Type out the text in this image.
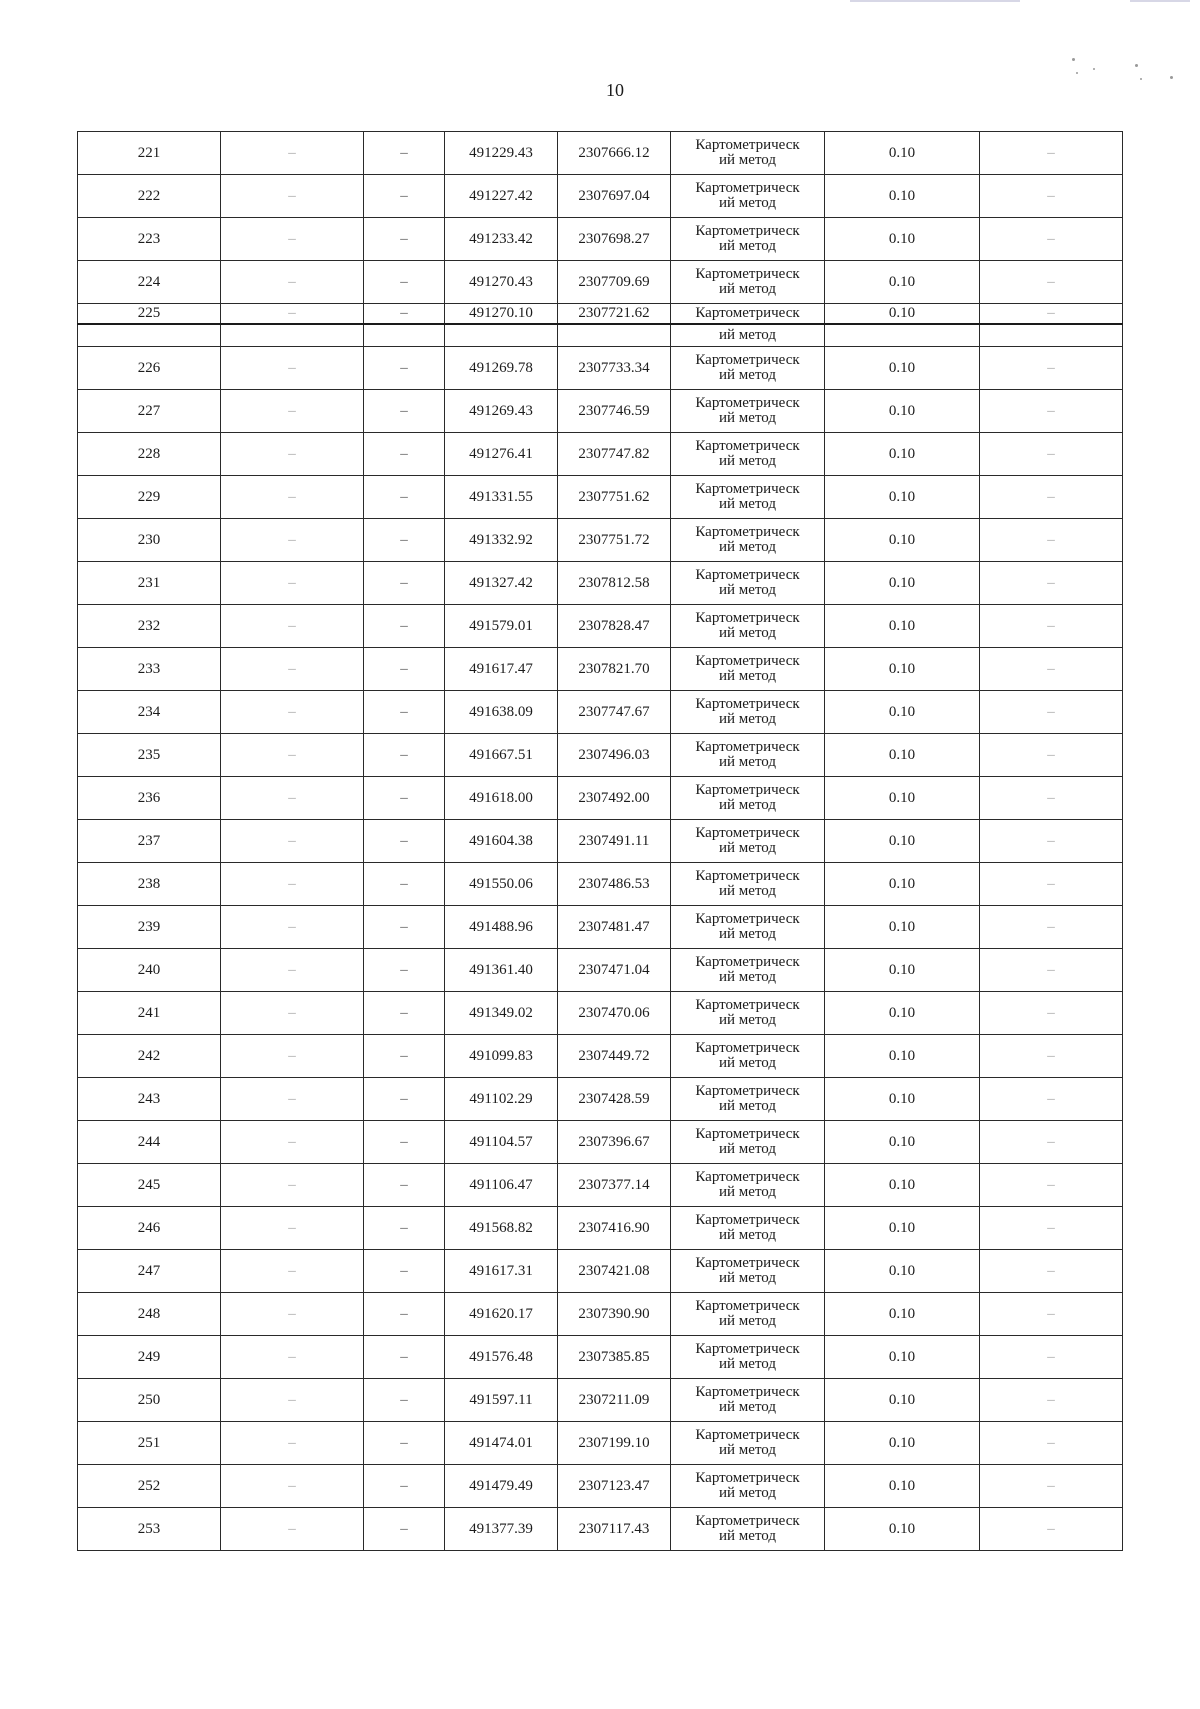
10
221	–	–	491229.43	2307666.12	Картометрическ
ий метод	0.10	–
222	–	–	491227.42	2307697.04	Картометрическ
ий метод	0.10	–
223	–	–	491233.42	2307698.27	Картометрическ
ий метод	0.10	–
224	–	–	491270.43	2307709.69	Картометрическ
ий метод	0.10	–
225	–	–	491270.10	2307721.62	Картометрическ	0.10	–
					ий метод		
226	–	–	491269.78	2307733.34	Картометрическ
ий метод	0.10	–
227	–	–	491269.43	2307746.59	Картометрическ
ий метод	0.10	–
228	–	–	491276.41	2307747.82	Картометрическ
ий метод	0.10	–
229	–	–	491331.55	2307751.62	Картометрическ
ий метод	0.10	–
230	–	–	491332.92	2307751.72	Картометрическ
ий метод	0.10	–
231	–	–	491327.42	2307812.58	Картометрическ
ий метод	0.10	–
232	–	–	491579.01	2307828.47	Картометрическ
ий метод	0.10	–
233	–	–	491617.47	2307821.70	Картометрическ
ий метод	0.10	–
234	–	–	491638.09	2307747.67	Картометрическ
ий метод	0.10	–
235	–	–	491667.51	2307496.03	Картометрическ
ий метод	0.10	–
236	–	–	491618.00	2307492.00	Картометрическ
ий метод	0.10	–
237	–	–	491604.38	2307491.11	Картометрическ
ий метод	0.10	–
238	–	–	491550.06	2307486.53	Картометрическ
ий метод	0.10	–
239	–	–	491488.96	2307481.47	Картометрическ
ий метод	0.10	–
240	–	–	491361.40	2307471.04	Картометрическ
ий метод	0.10	–
241	–	–	491349.02	2307470.06	Картометрическ
ий метод	0.10	–
242	–	–	491099.83	2307449.72	Картометрическ
ий метод	0.10	–
243	–	–	491102.29	2307428.59	Картометрическ
ий метод	0.10	–
244	–	–	491104.57	2307396.67	Картометрическ
ий метод	0.10	–
245	–	–	491106.47	2307377.14	Картометрическ
ий метод	0.10	–
246	–	–	491568.82	2307416.90	Картометрическ
ий метод	0.10	–
247	–	–	491617.31	2307421.08	Картометрическ
ий метод	0.10	–
248	–	–	491620.17	2307390.90	Картометрическ
ий метод	0.10	–
249	–	–	491576.48	2307385.85	Картометрическ
ий метод	0.10	–
250	–	–	491597.11	2307211.09	Картометрическ
ий метод	0.10	–
251	–	–	491474.01	2307199.10	Картометрическ
ий метод	0.10	–
252	–	–	491479.49	2307123.47	Картометрическ
ий метод	0.10	–
253	–	–	491377.39	2307117.43	Картометрическ
ий метод	0.10	–
